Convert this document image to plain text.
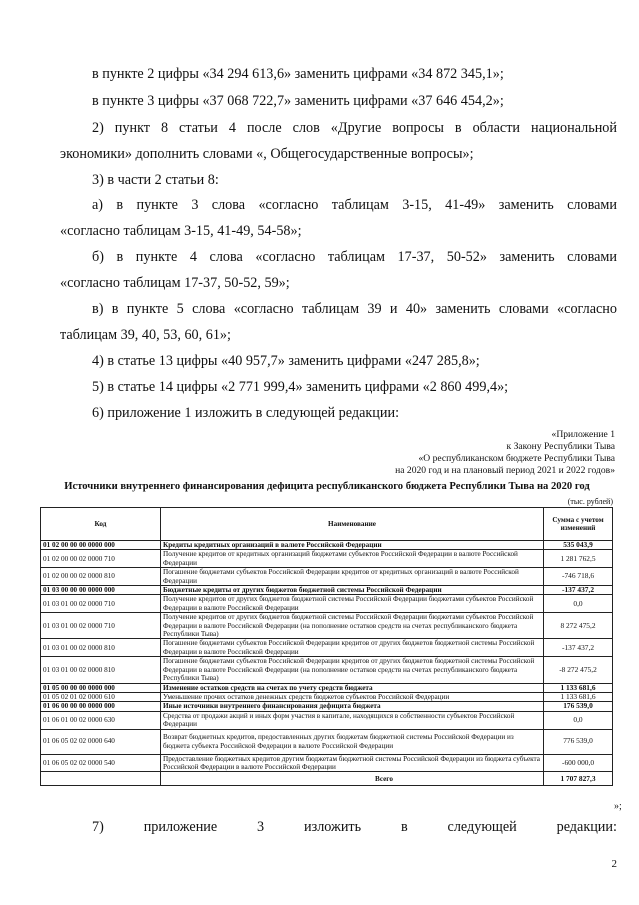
в пункте 2 цифры «34 294 613,6» заменить цифрами «34 872 345,1»;
в пункте 3 цифры «37 068 722,7» заменить цифрами «37 646 454,2»;
2) пункт 8 статьи 4 после слов «Другие вопросы в области национальной
экономики» дополнить словами «, Общегосударственные вопросы»;
3) в части 2 статьи 8:
а) в пункте 3 слова «согласно таблицам 3-15, 41-49» заменить словами
«согласно таблицам 3-15, 41-49, 54-58»;
б) в пункте 4 слова «согласно таблицам 17-37, 50-52» заменить словами
«согласно таблицам 17-37, 50-52, 59»;
в) в пункте 5 слова «согласно таблицам 39 и 40» заменить словами «согласно
таблицам 39, 40, 53, 60, 61»;
4) в статье 13 цифры «40 957,7» заменить цифрами «247 285,8»;
5) в статье 14 цифры «2 771 999,4» заменить цифрами «2 860 499,4»;
6) приложение 1 изложить в следующей редакции:
«Приложение 1
к Закону Республики Тыва
«О республиканском бюджете Республики Тыва
на 2020 год и на плановый период 2021 и 2022 годов»
Источники внутреннего финансирования дефицита республиканского бюджета Республики Тыва на 2020 год
(тыс. рублей)
Код	Наименование	Сумма с учетом изменений
01 02 00 00 00 0000 000	Кредиты кредитных организаций в валюте Российской Федерации	535 043,9
01 02 00 00 02 0000 710	Получение кредитов от кредитных организаций бюджетами субъектов Российской Федерации в валюте Российской Федерации	1 281 762,5
01 02 00 00 02 0000 810	Погашение бюджетами субъектов Российской Федерации кредитов от кредитных организаций в валюте Российской Федерации	-746 718,6
01 03 00 00 00 0000 000	Бюджетные кредиты от других бюджетов бюджетной системы Российской Федерации	-137 437,2
01 03 01 00 02 0000 710	Получение кредитов от других бюджетов бюджетной системы Российской Федерации бюджетами субъектов Российской Федерации в валюте Российской Федерации	0,0
01 03 01 00 02 0000 710	Получение кредитов от других бюджетов бюджетной системы Российской Федерации бюджетами субъектов Российской Федерации в валюте Российской Федерации (на пополнение остатков средств на счетах республиканского бюджета Республики Тыва)	8 272 475,2
01 03 01 00 02 0000 810	Погашение бюджетами субъектов Российской Федерации кредитов от других бюджетов бюджетной системы Российской Федерации в валюте Российской Федерации	-137 437,2
01 03 01 00 02 0000 810	Погашение бюджетами субъектов Российской Федерации кредитов от других бюджетов бюджетной системы Российской Федерации в валюте Российской Федерации (на пополнение остатков средств на счетах республиканского бюджета Республики Тыва)	-8 272 475,2
01 05 00 00 00 0000 000	Изменение остатков средств на счетах по учету средств бюджета	1 133 681,6
01 05 02 01 02 0000 610	Уменьшение прочих остатков денежных средств бюджетов субъектов Российской Федерации	1 133 681,6
01 06 00 00 00 0000 000	Иные источники внутреннего финансирования дефицита бюджета	176 539,0
01 06 01 00 02 0000 630	Средства от продажи акций и иных форм участия в капитале, находящихся в собственности субъектов Российской Федерации	0,0
01 06 05 02 02 0000 640	Возврат бюджетных кредитов, предоставленных других бюджетам бюджетной системы Российской Федерации из бюджета субъекта Российской Федерации в валюте Российской Федерации	776 539,0
01 06 05 02 02 0000 540	Предоставление бюджетных кредитов другим бюджетам бюджетной системы Российской Федерации из бюджета субъекта Российской Федерации в валюте Российской Федерации	-600 000,0
	Всего	1 707 827,3
»;
7)	приложение	3	изложить	в	следующей	редакции:
2
